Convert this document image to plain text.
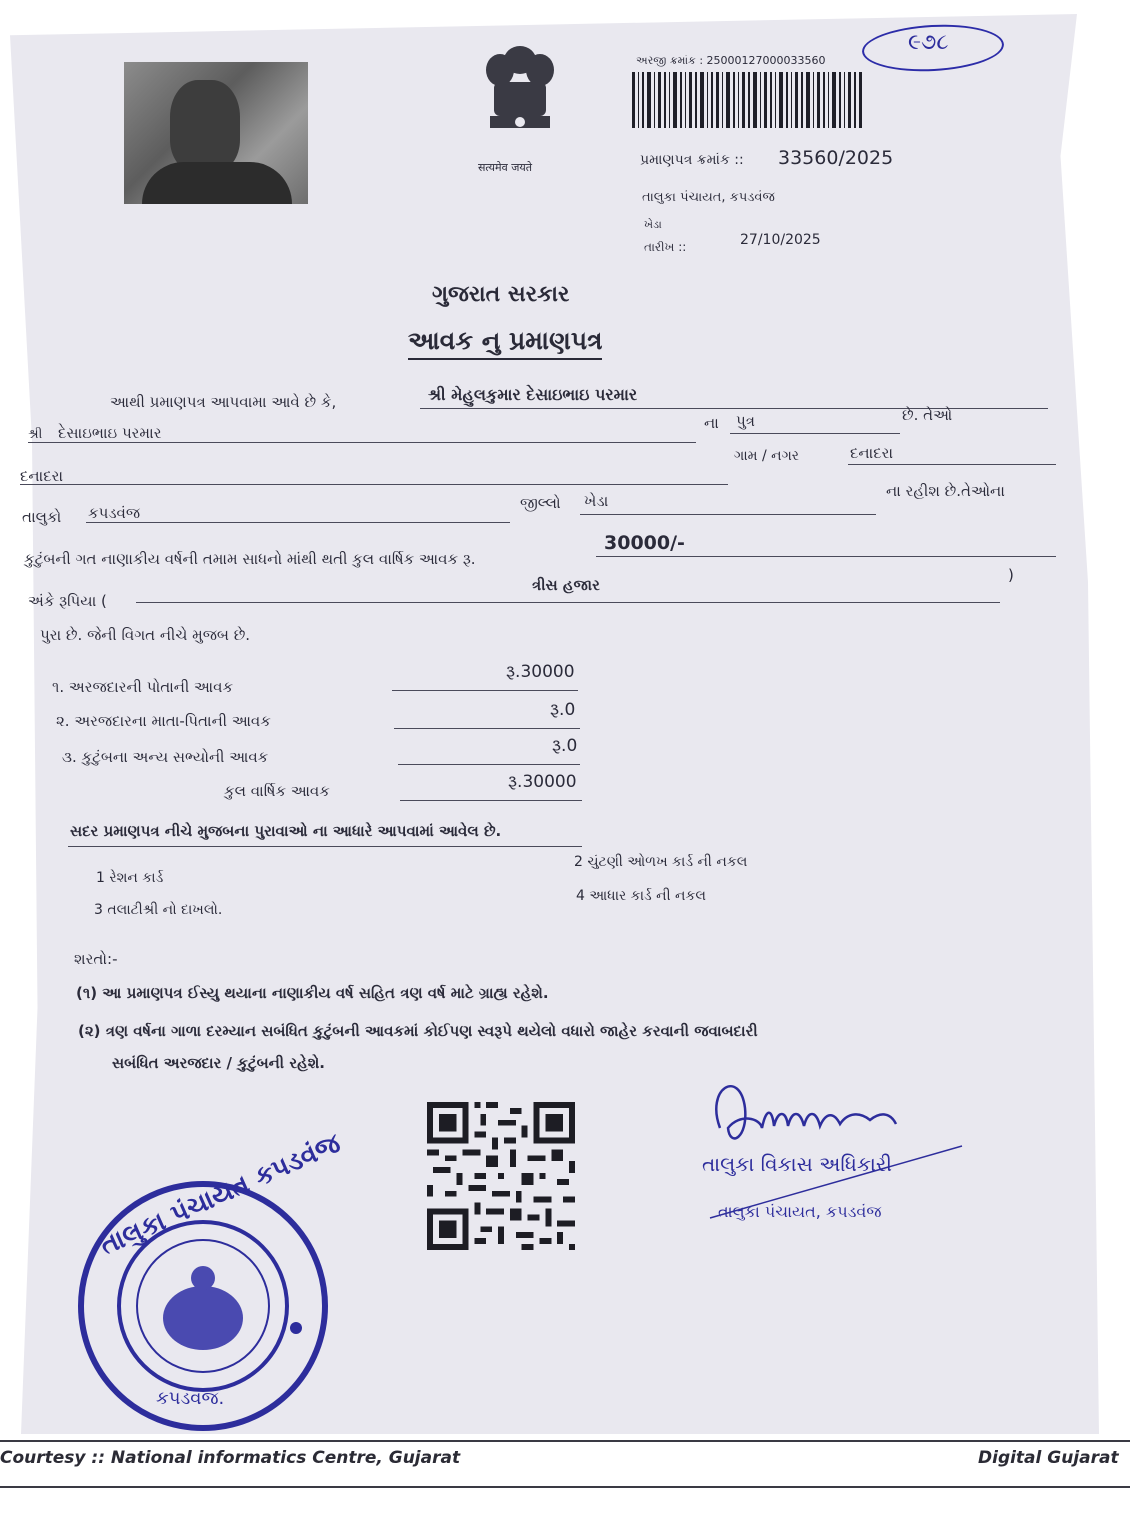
सत्यमेव जयते
અરજી ક્રમાંક : 25000127000033560
૯૭૮
પ્રમાણપત્ર ક્રમાંક :: 33560/2025
તાલુકા પંચાયત, કપડવંજ
ખેડા
તારીખ ::	27/10/2025
ગુજરાત સરકાર
આવક નુ પ્રમાણપત્ર
આથી પ્રમાણપત્ર આપવામા આવે છે કે,	શ્રી મેહુલકુમાર દેસાઇભાઇ પરમાર
શ્રી દેસાઇભાઇ પરમાર
ના પુત્ર	છે. તેઓ
દનાદરા
ગામ / નગર	દનાદરા
તાલુકો કપડવંજ
જીલ્લો ખેડા
ના રહીશ છે.તેઓના
કુટુંબની ગત નાણાકીય વર્ષની તમામ સાધનો માંથી થતી કુલ વાર્ષિક આવક રૂ.
30000/-
અંકે રૂપિયા (
ત્રીસ હજાર
)
પુરા છે. જેની વિગત નીચે મુજબ છે.
૧. અરજદારની પોતાની આવક
રૂ.30000
૨. અરજદારના માતા-પિતાની આવક
રૂ.0
૩. કુટુંબના અન્ય સભ્યોની આવક
રૂ.0
કુલ વાર્ષિક આવક	રૂ.30000
સદર પ્રમાણપત્ર નીચે મુજબના પુરાવાઓ ના આધારે આપવામાં આવેલ છે.
1 રેશન કાર્ડ
2 ચુંટણી ઓળખ કાર્ડ ની નકલ
3 તલાટીશ્રી નો દાખલો.
4 આધાર કાર્ડ ની નકલ
શરતો:-
(૧) આ પ્રમાણપત્ર ઈસ્યુ થયાના નાણાકીય વર્ષ સહિત ત્રણ વર્ષ માટે ગ્રાહ્ય રહેશે.
(૨) ત્રણ વર્ષના ગાળા દરમ્યાન સબંધિત કુટુંબની આવકમાં કોઈપણ સ્વરૂપે થયેલો વધારો જાહેર કરવાની જવાબદારી
સબંધિત અરજદાર / કુટુંબની રહેશે.
તાલુકા વિકાસ અધિકારી
તાલુકા પંચાયત, કપડવંજ
તાલુકા પંચાયત કપડવંજ
કપડવંજ.
Courtesy :: National informatics Centre, Gujarat	Digital Gujarat
